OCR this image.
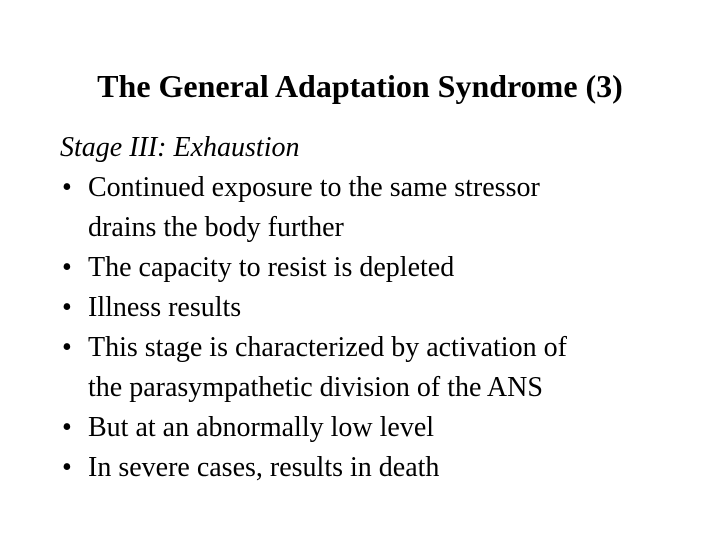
The General Adaptation Syndrome (3)
Stage III: Exhaustion
• Continued exposure to the same stressor
drains the body further
• The capacity to resist is depleted
• Illness results
• This stage is characterized by activation of
the parasympathetic division of the ANS
• But at an abnormally low level
• In severe cases, results in death
